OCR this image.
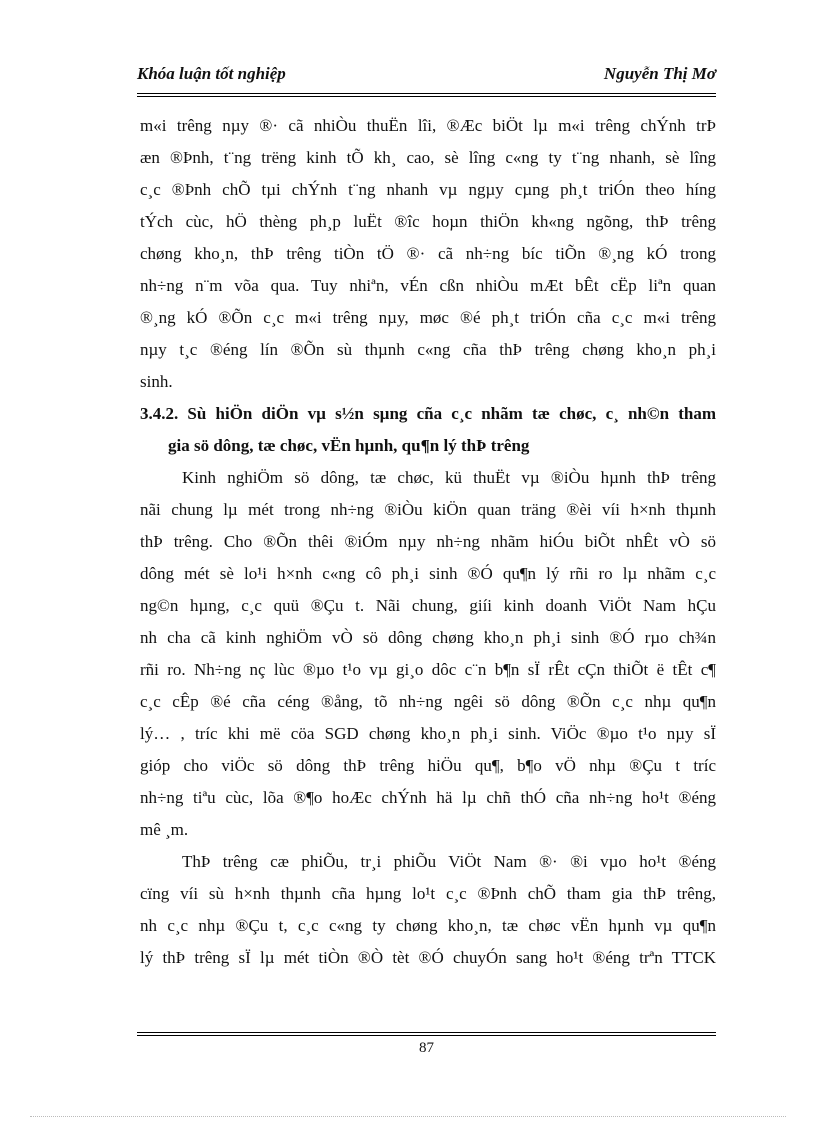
Khóa luận tốt nghiệp	Nguyễn Thị Mơ
m«i trêng nµy ®· cã nhiÒu thuËn lîi, ®Æc biÖt lµ m«i trêng chÝnh trÞ
æn ®Þnh, t¨ng trëng kinh tÕ kh¸ cao, sè lîng c«ng ty t¨ng nhanh, sè lîng
c¸c ®Þnh chÕ tµi chÝnh t¨ng nhanh vµ ngµy cµng ph¸t triÓn theo híng
tÝch cùc, hÖ thèng ph¸p luËt ®îc hoµn thiÖn kh«ng ngõng, thÞ trêng
chøng kho¸n, thÞ trêng tiÒn tÖ ®· cã nh÷ng bíc tiÕn ®¸ng kÓ trong
nh÷ng n¨m võa qua. Tuy nhiªn, vÉn cßn nhiÒu mÆt bÊt cËp liªn quan
®¸ng kÓ ®Õn c¸c m«i trêng nµy, møc ®é ph¸t triÓn cña c¸c m«i trêng
nµy t¸c ®éng lín ®Õn sù thµnh c«ng cña thÞ trêng chøng kho¸n ph¸i
sinh.
3.4.2. Sù hiÖn diÖn vµ s½n sµng cña c¸c nhãm tæ chøc, c¸ nh©n tham
gia sö dông, tæ chøc, vËn hµnh, qu¶n lý thÞ trêng
Kinh nghiÖm sö dông, tæ chøc, kü thuËt vµ ®iÒu hµnh thÞ trêng
nãi chung lµ mét trong nh÷ng ®iÒu kiÖn quan träng ®èi víi h×nh thµnh
thÞ trêng. Cho ®Õn thêi ®iÓm nµy nh÷ng nhãm hiÓu biÕt nhÊt vÒ sö
dông mét sè lo¹i h×nh c«ng cô ph¸i sinh ®Ó qu¶n lý rñi ro lµ nhãm c¸c
ng©n hµng, c¸c quü ®Çu t. Nãi chung, giíi kinh doanh ViÖt Nam hÇu
nh cha cã kinh nghiÖm vÒ sö dông chøng kho¸n ph¸i sinh ®Ó rµo ch¾n
rñi ro. Nh÷ng nç lùc ®µo t¹o vµ gi¸o dôc c¨n b¶n sÏ rÊt cÇn thiÕt ë tÊt c¶
c¸c cÊp ®é cña céng ®ång, tõ nh÷ng ngêi sö dông ®Õn c¸c nhµ qu¶n
lý… , tríc khi më cöa SGD chøng kho¸n ph¸i sinh. ViÖc ®µo t¹o nµy sÏ
gióp cho viÖc sö dông thÞ trêng hiÖu qu¶, b¶o vÖ nhµ ®Çu t tríc
nh÷ng tiªu cùc, lõa ®¶o hoÆc chÝnh hä lµ chñ thÓ cña nh÷ng ho¹t ®éng
mê ¸m.
ThÞ trêng cæ phiÕu, tr¸i phiÕu ViÖt Nam ®· ®i vµo ho¹t ®éng
cïng víi sù h×nh thµnh cña hµng lo¹t c¸c ®Þnh chÕ tham gia thÞ trêng,
nh c¸c nhµ ®Çu t, c¸c c«ng ty chøng kho¸n, tæ chøc vËn hµnh vµ qu¶n
lý thÞ trêng sÏ lµ mét tiÒn ®Ò tèt ®Ó chuyÓn sang ho¹t ®éng trªn TTCK
87
